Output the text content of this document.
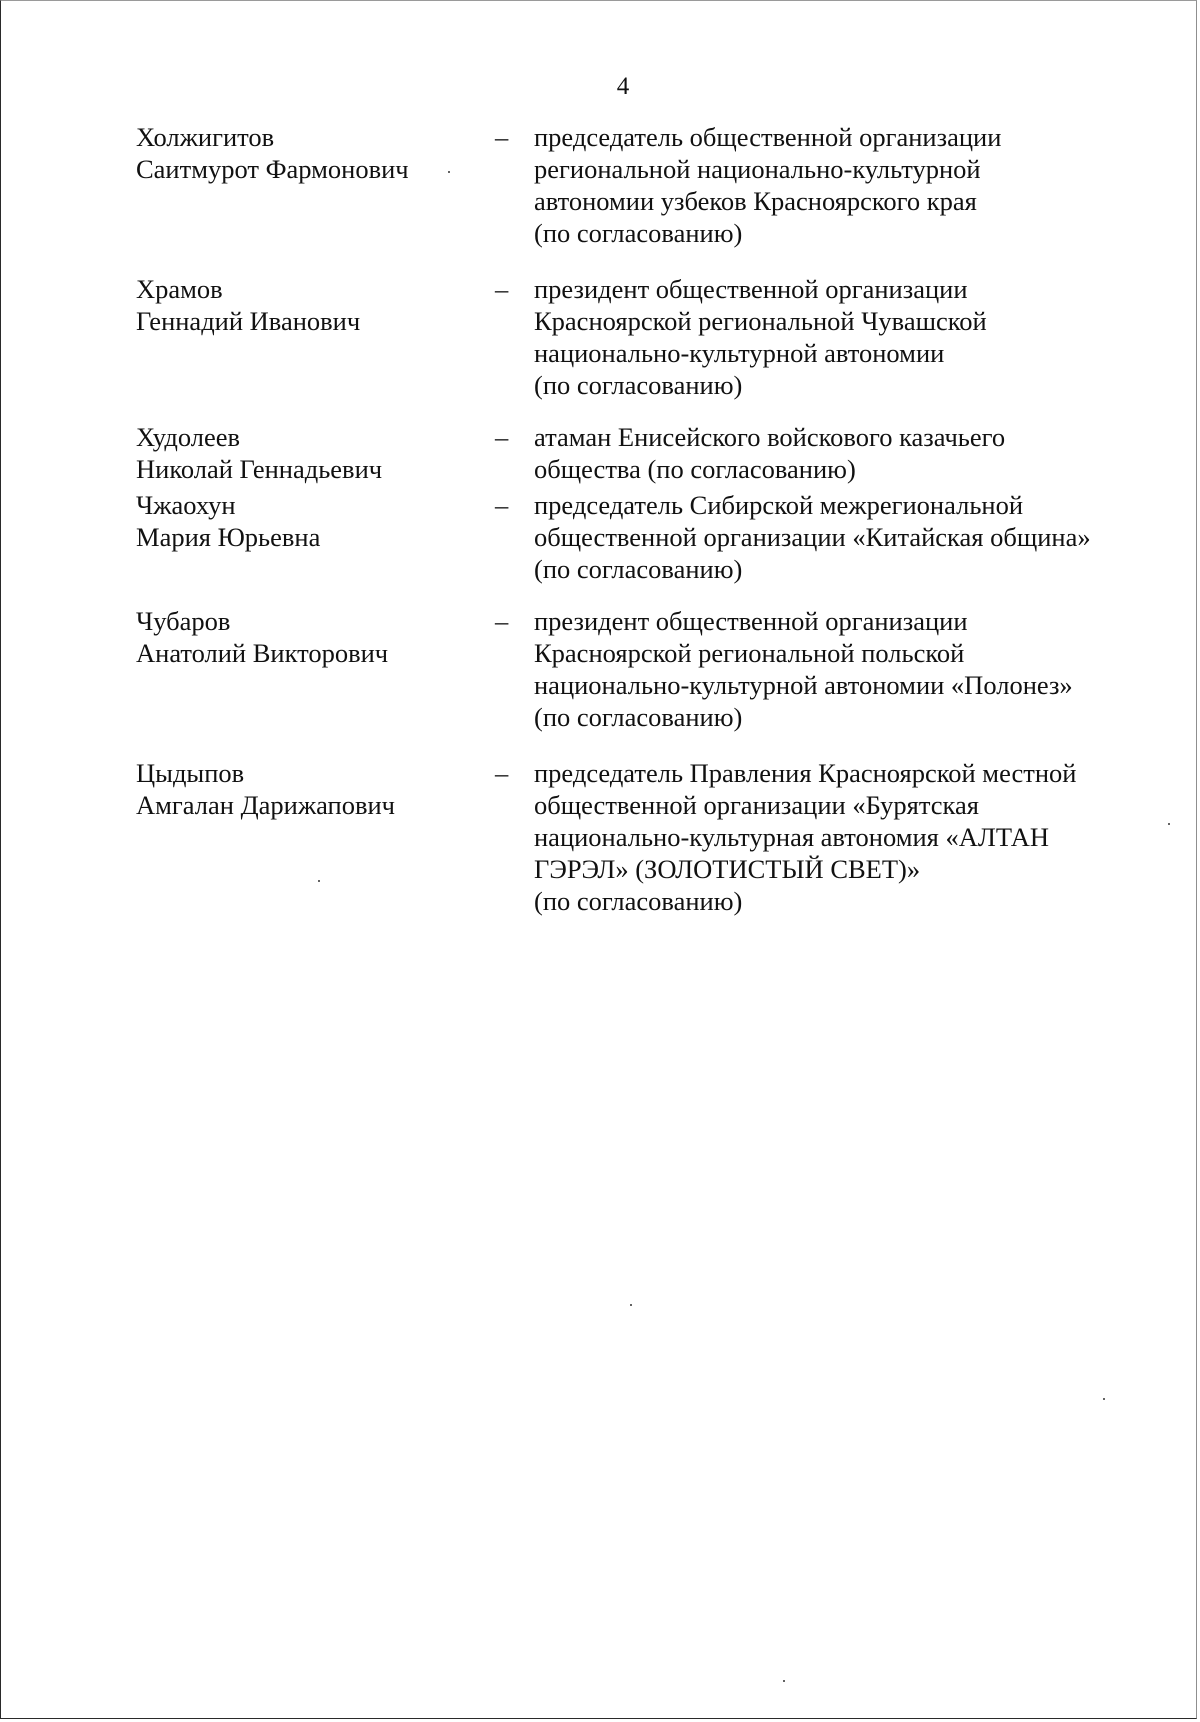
4
Холжигитов
Саитмурот Фармонович
– председатель общественной организации
региональной национально-культурной
автономии узбеков Красноярского края
(по согласованию)
Храмов
Геннадий Иванович
– президент общественной организации
Красноярской региональной Чувашской
национально-культурной автономии
(по согласованию)
Худолеев
Николай Геннадьевич
– атаман Енисейского войскового казачьего
общества (по согласованию)
Чжаохун
Мария Юрьевна
– председатель Сибирской межрегиональной
общественной организации «Китайская община»
(по согласованию)
Чубаров
Анатолий Викторович
– президент общественной организации
Красноярской региональной польской
национально-культурной автономии «Полонез»
(по согласованию)
Цыдыпов
Амгалан Дарижапович
– председатель Правления Красноярской местной
общественной организации «Бурятская
национально-культурная автономия «АЛТАН
ГЭРЭЛ» (ЗОЛОТИСТЫЙ СВЕТ)»
(по согласованию)
